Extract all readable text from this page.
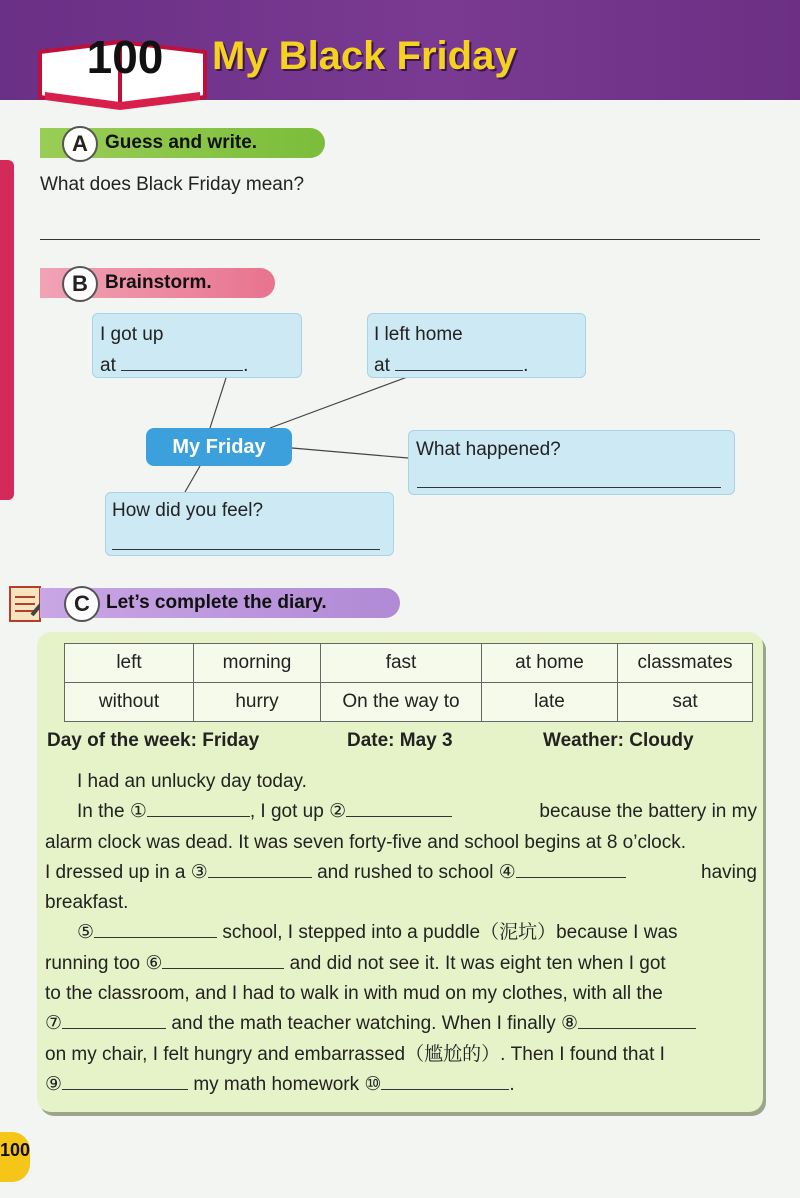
100	My Black Friday
A Guess and write.
What does Black Friday mean?
B Brainstorm.
I got up
at	.
I left home
at	.
My Friday	What happened?
How did you feel?
C Let’s complete the diary.
left	morning	fast	at home	classmates
without	hurry	On the way to	late	sat
Day of the week: Friday	Date: May 3	Weather: Cloudy
I had an unlucky day today.
In the ①	, I got up ②	because the battery in my
alarm clock was dead. It was seven forty-five and school begins at 8 o’clock.
I dressed up in a ③	and rushed to school ④	having
breakfast.
⑤	school, I stepped into a puddle（泥坑）because I was
running too ⑥	and did not see it. It was eight ten when I got
to the classroom, and I had to walk in with mud on my clothes, with all the
⑦	and the math teacher watching. When I finally ⑧
on my chair, I felt hungry and embarrassed（尴尬的）. Then I found that I
⑨	my math homework ⑩	.
100
